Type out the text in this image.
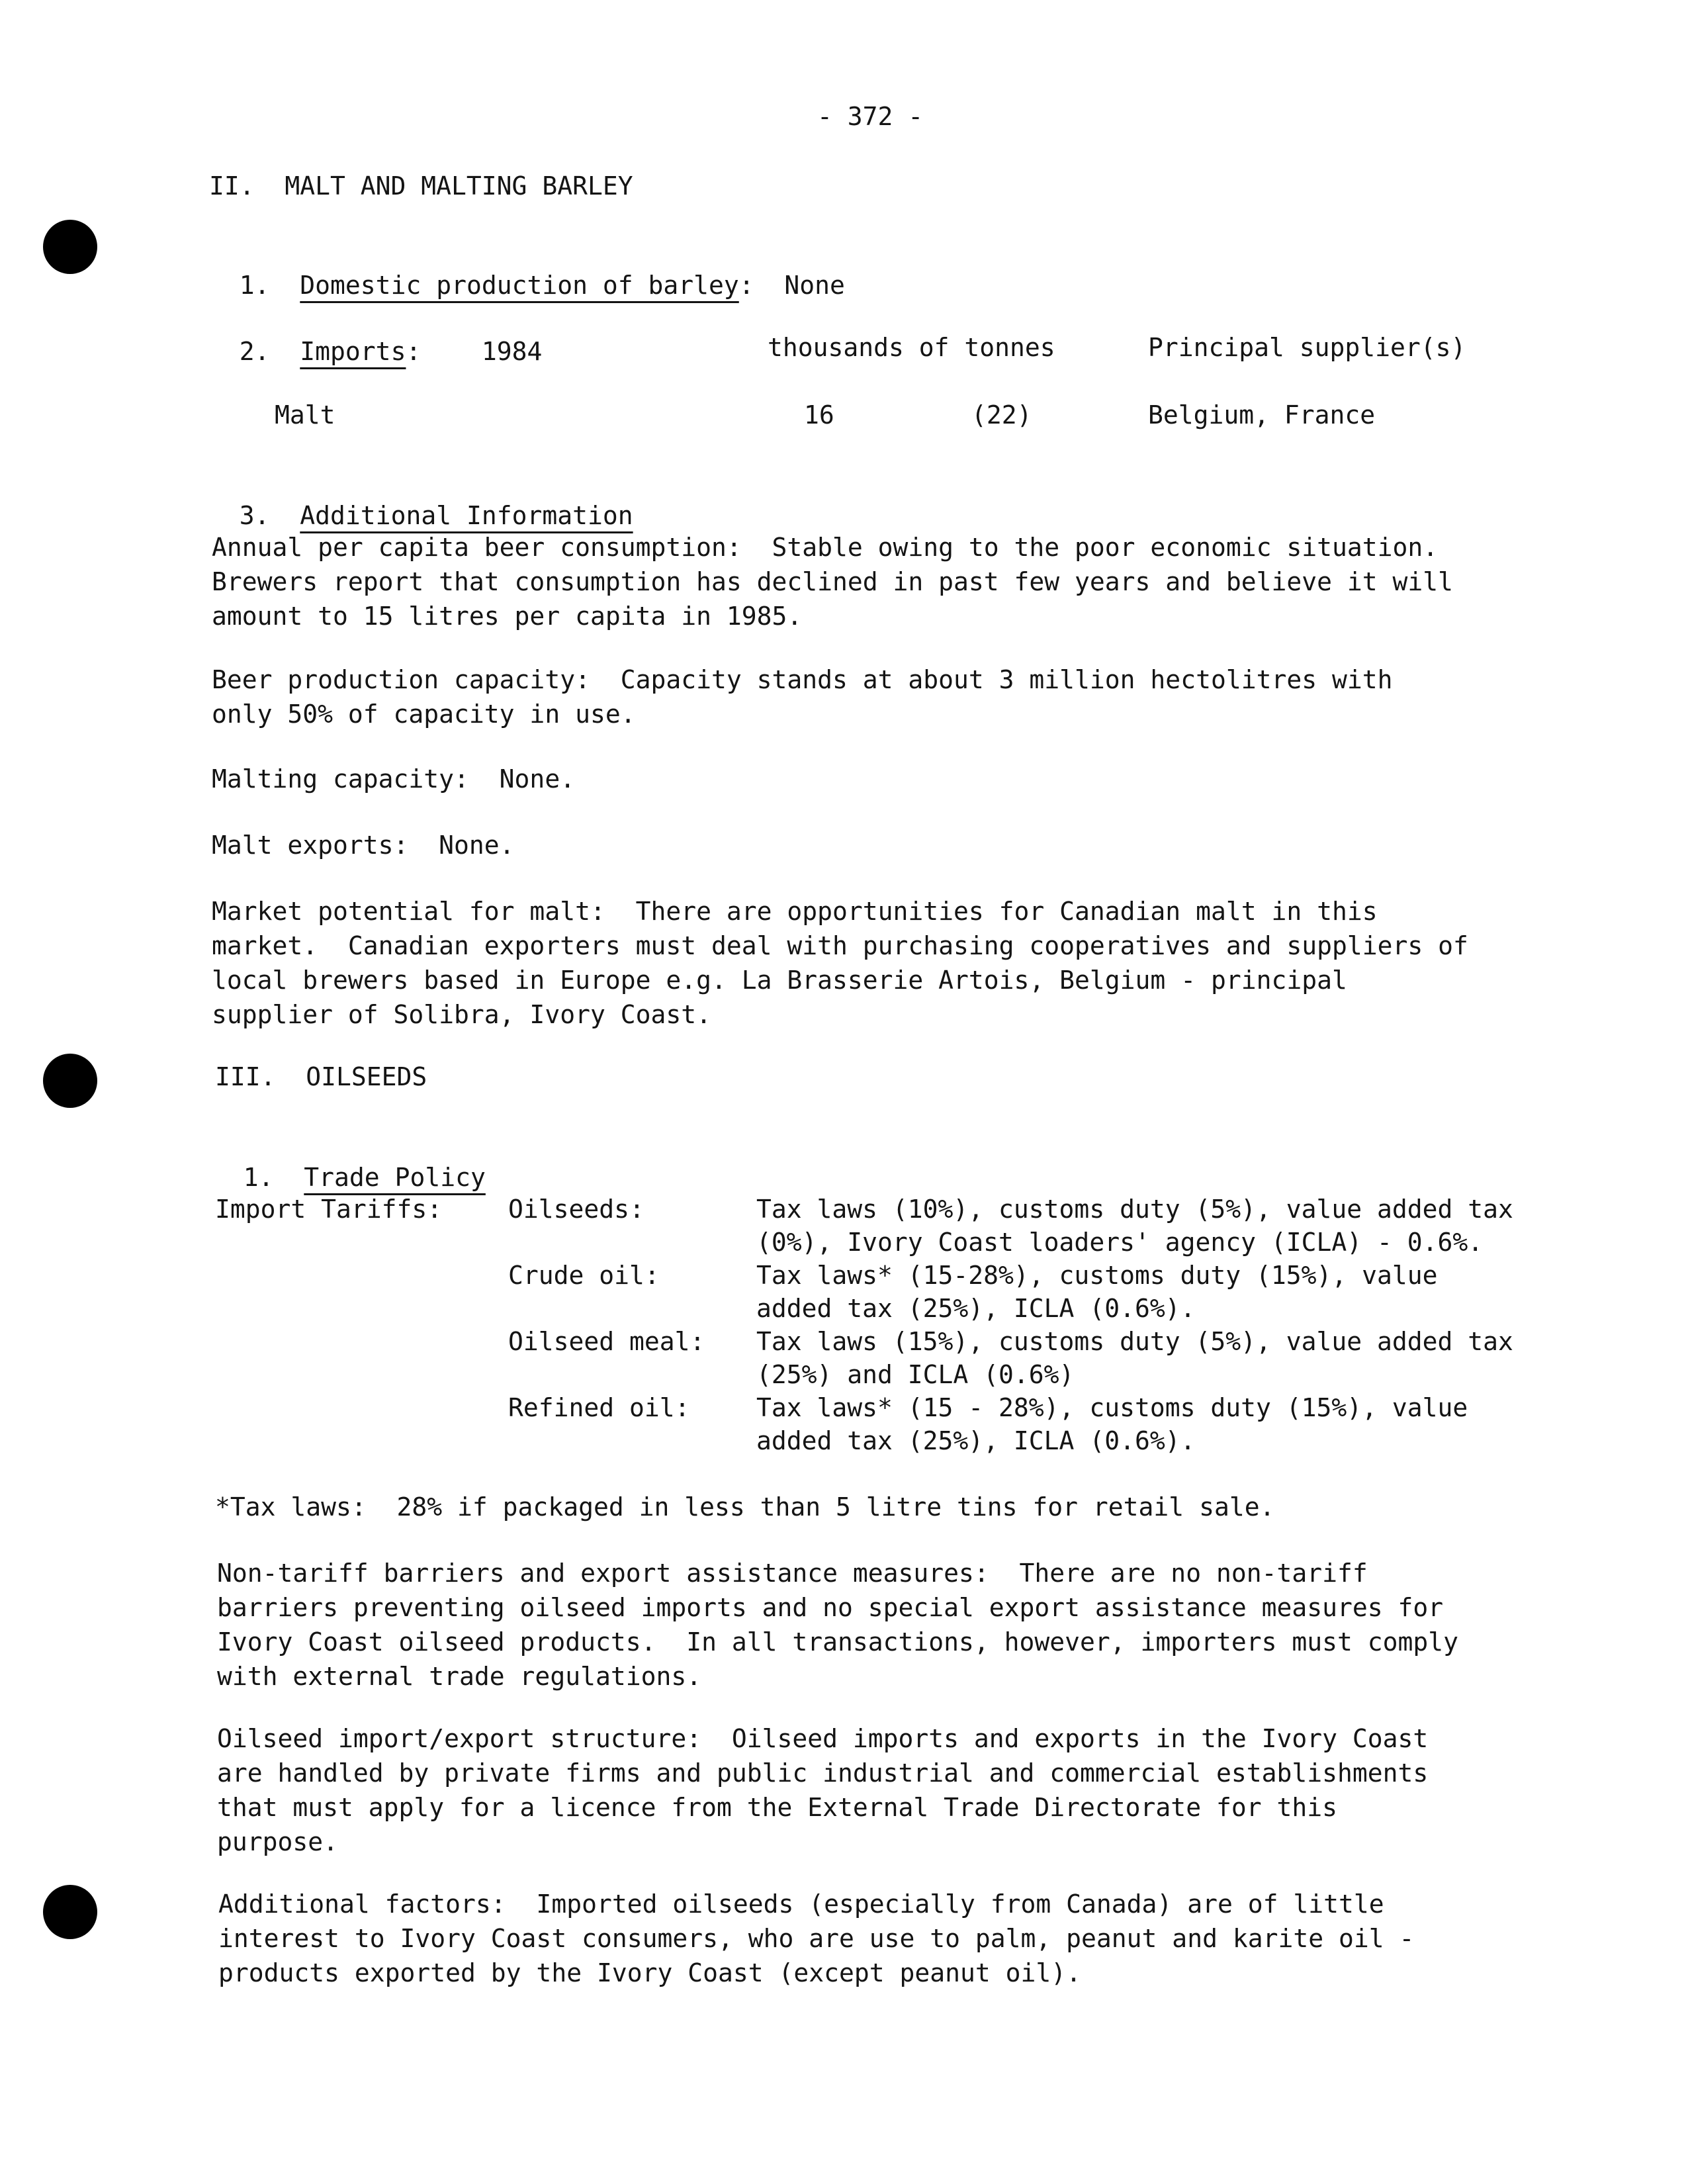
- 372 -
II.  MALT AND MALTING BARLEY

1. Domestic production of barley: None

2. Imports: 1984	thousands of tonnes	Principal supplier(s)
Malt	16	(22)	Belgium, France

3. Additional Information

Annual per capita beer consumption:  Stable owing to the poor economic situation.
Brewers report that consumption has declined in past few years and believe it will
amount to 15 litres per capita in 1985.
Beer production capacity:  Capacity stands at about 3 million hectolitres with
only 50% of capacity in use.
Malting capacity:  None.
Malt exports:  None.
Market potential for malt:  There are opportunities for Canadian malt in this
market.  Canadian exporters must deal with purchasing cooperatives and suppliers of
local brewers based in Europe e.g. La Brasserie Artois, Belgium - principal
supplier of Solibra, Ivory Coast.
III.  OILSEEDS

1. Trade Policy

Import Tariffs:	Oilseeds:	Tax laws (10%), customs duty (5%), value added tax
(0%), Ivory Coast loaders' agency (ICLA) - 0.6%.
Crude oil:	Tax laws* (15-28%), customs duty (15%), value
added tax (25%), ICLA (0.6%).
Oilseed meal: Tax laws (15%), customs duty (5%), value added tax
(25%) and ICLA (0.6%)
Refined oil:	Tax laws* (15 - 28%), customs duty (15%), value
added tax (25%), ICLA (0.6%).
*Tax laws:  28% if packaged in less than 5 litre tins for retail sale.
Non-tariff barriers and export assistance measures:  There are no non-tariff
barriers preventing oilseed imports and no special export assistance measures for
Ivory Coast oilseed products.  In all transactions, however, importers must comply
with external trade regulations.
Oilseed import/export structure:  Oilseed imports and exports in the Ivory Coast
are handled by private firms and public industrial and commercial establishments
that must apply for a licence from the External Trade Directorate for this
purpose.
Additional factors:  Imported oilseeds (especially from Canada) are of little
interest to Ivory Coast consumers, who are use to palm, peanut and karite oil -
products exported by the Ivory Coast (except peanut oil).
